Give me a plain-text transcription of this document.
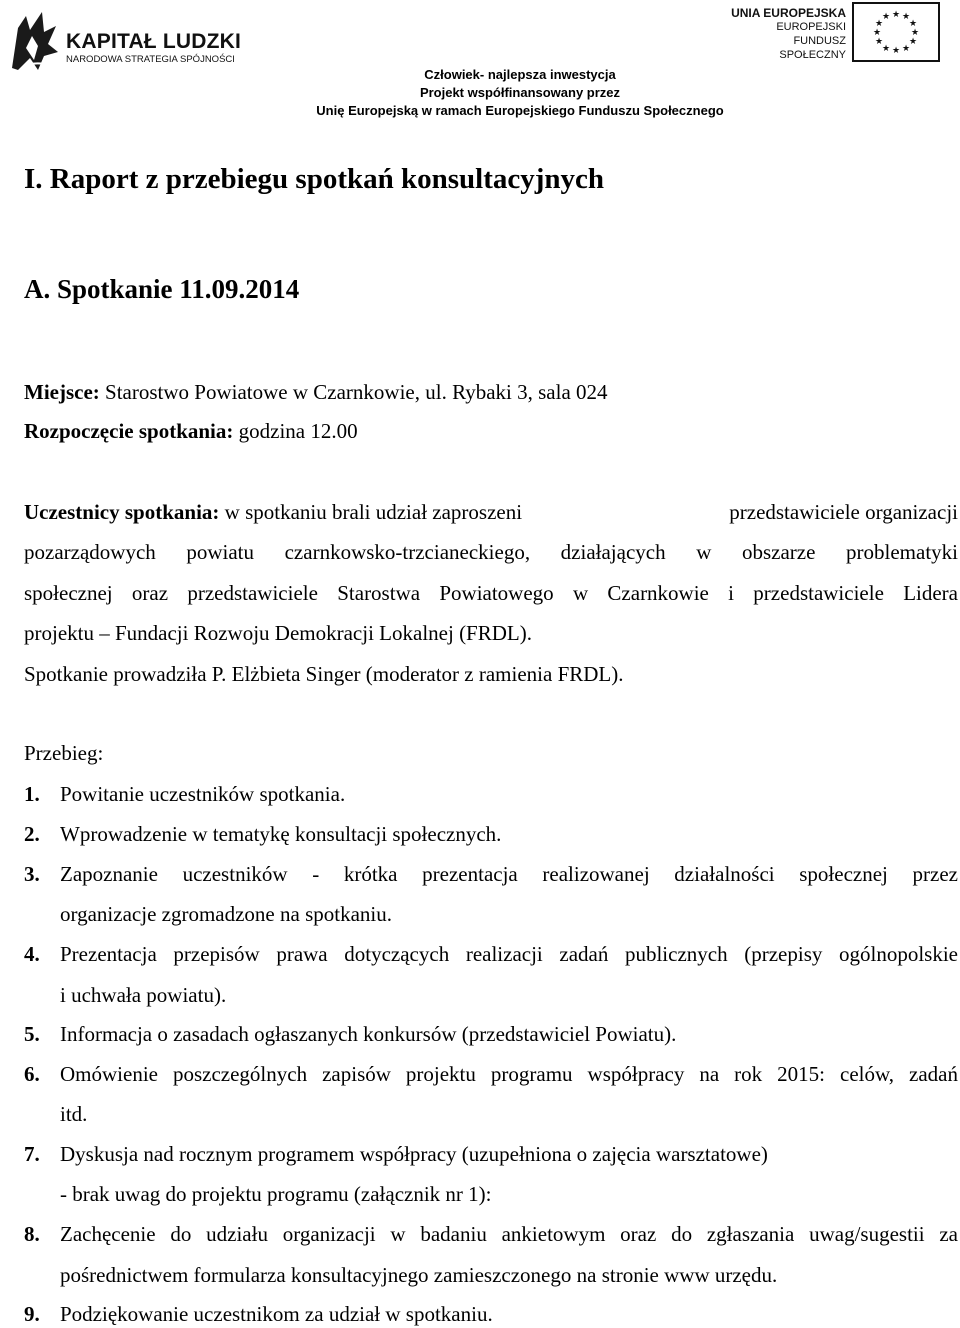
KAPITAŁ LUDZKI
NARODOWA STRATEGIA SPÓJNOŚCI
UNIA EUROPEJSKA
EUROPEJSKI
FUNDUSZ SPOŁECZNY
★ ★
★
★
★
★
★
★
★
★
★
★
Człowiek- najlepsza inwestycja
Projekt współfinansowany przez
Unię Europejską w ramach Europejskiego Funduszu Społecznego
I. Raport z przebiegu spotkań konsultacyjnych
A. Spotkanie 11.09.2014
Miejsce: Starostwo Powiatowe w Czarnkowie, ul. Rybaki 3, sala 024
Rozpoczęcie spotkania: godzina 12.00
Uczestnicy spotkania: w spotkaniu brali udział zaproszeni	przedstawiciele organizacji
pozarządowych powiatu czarnkowsko-trzcianeckiego, działających w obszarze problematyki
społecznej oraz przedstawiciele Starostwa Powiatowego w Czarnkowie i przedstawiciele Lidera
projektu – Fundacji Rozwoju Demokracji Lokalnej (FRDL).
Spotkanie prowadziła P. Elżbieta Singer (moderator z ramienia FRDL).
Przebieg:
1. Powitanie uczestników spotkania.
2. Wprowadzenie w tematykę konsultacji społecznych.
3. Zapoznanie uczestników - krótka prezentacja realizowanej działalności społecznej przez
organizacje zgromadzone na spotkaniu.
4. Prezentacja przepisów prawa dotyczących realizacji zadań publicznych (przepisy ogólnopolskie
i uchwała powiatu).
5. Informacja o zasadach ogłaszanych konkursów (przedstawiciel Powiatu).
6. Omówienie poszczególnych zapisów projektu programu współpracy na rok 2015: celów, zadań
itd.
7. Dyskusja nad rocznym programem współpracy (uzupełniona o zajęcia warsztatowe)
- brak uwag do projektu programu (załącznik nr 1):
8. Zachęcenie do udziału organizacji w badaniu ankietowym oraz do zgłaszania uwag/sugestii za
pośrednictwem formularza konsultacyjnego zamieszczonego na stronie www urzędu.
9. Podziękowanie uczestnikom za udział w spotkaniu.
